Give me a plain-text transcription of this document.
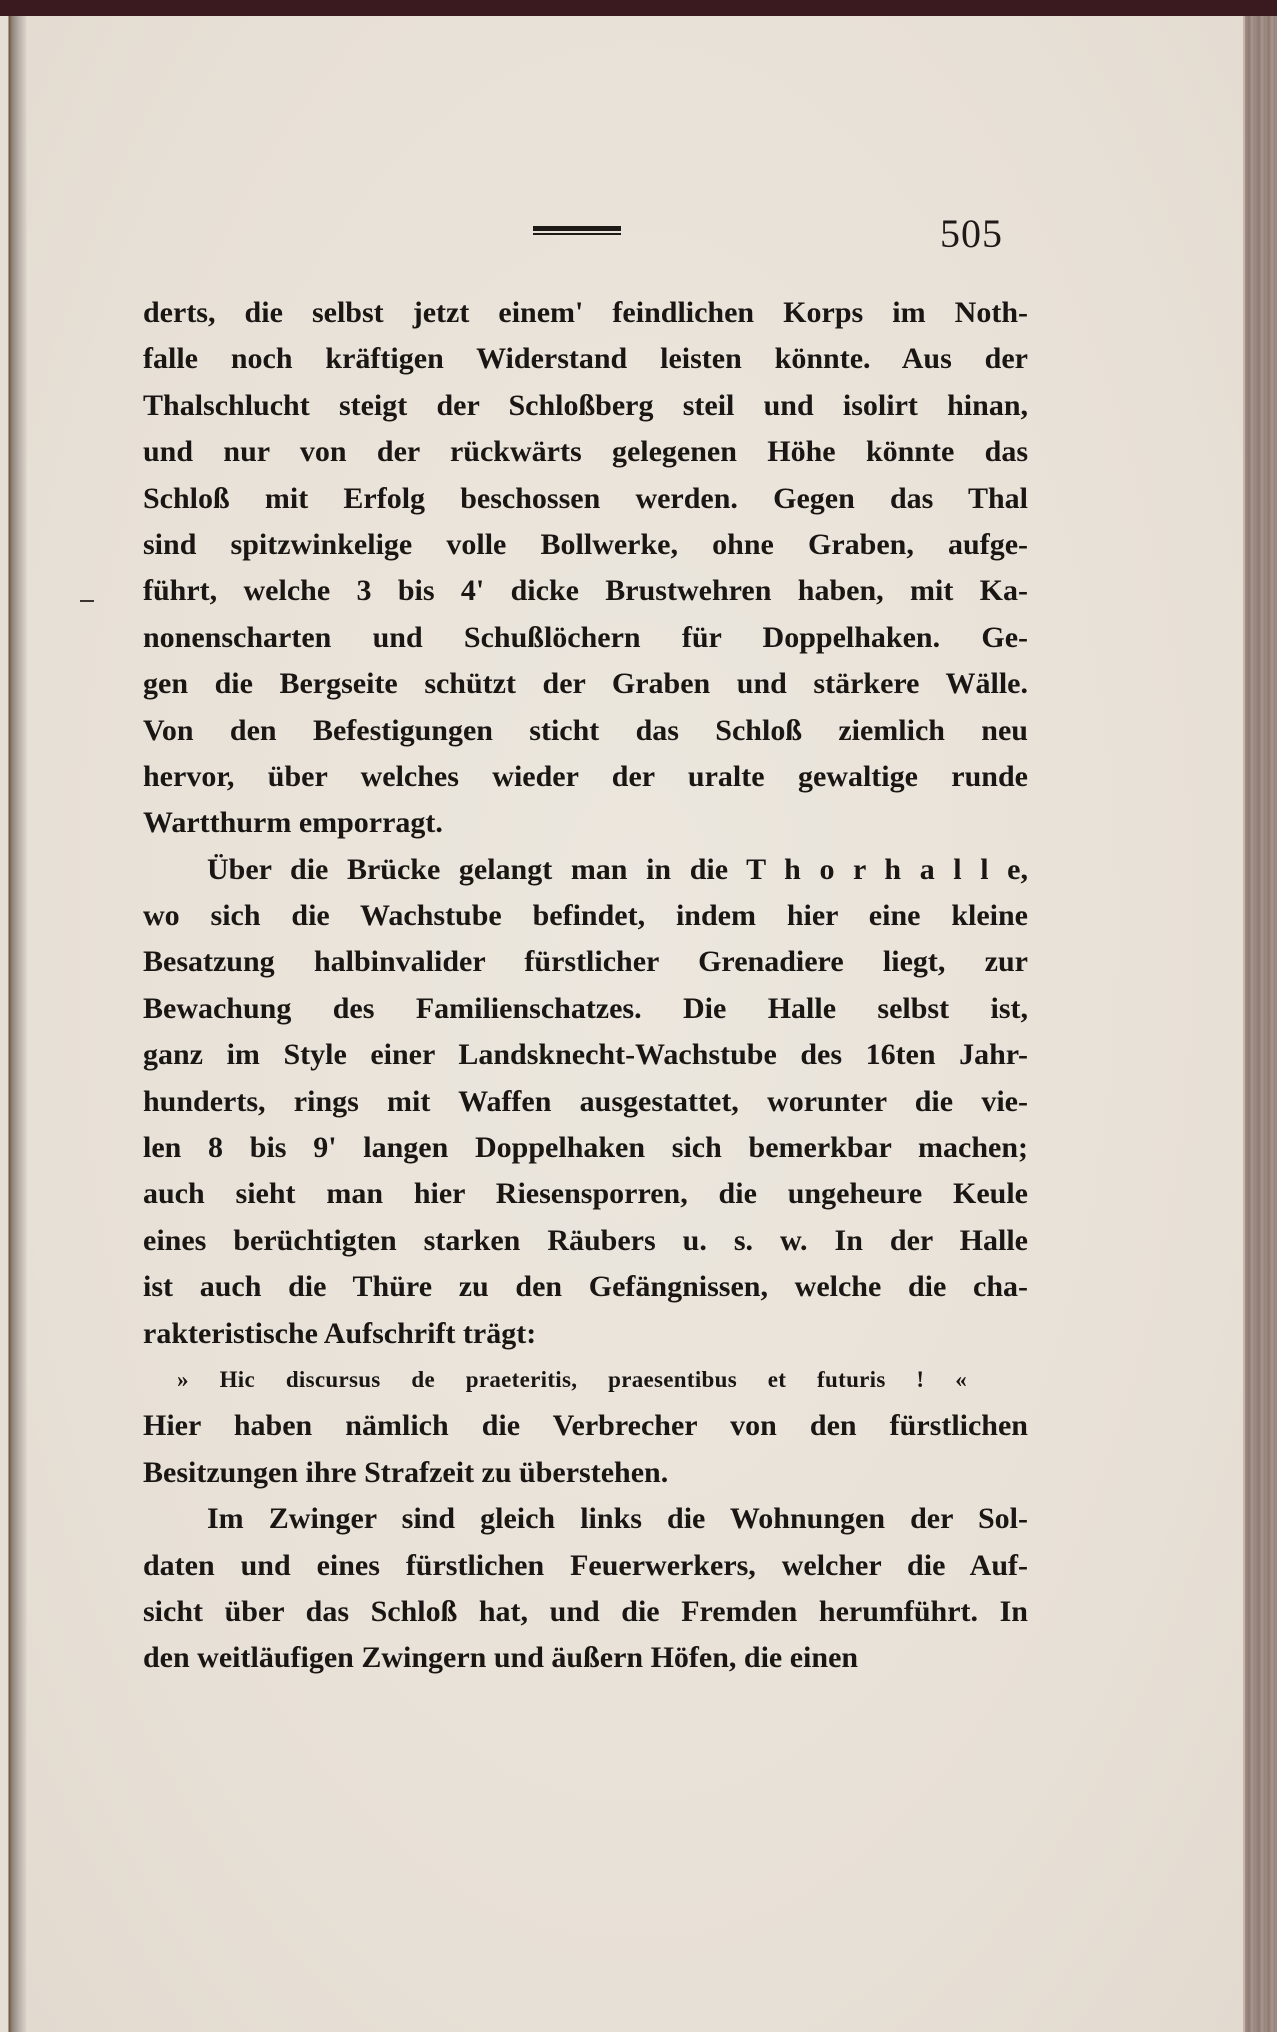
505
derts, die selbst jetzt einem' feindlichen Korps im Noth-
falle noch kräftigen Widerstand leisten könnte. Aus der
Thalschlucht steigt der Schloßberg steil und isolirt hinan,
und nur von der rückwärts gelegenen Höhe könnte das
Schloß mit Erfolg beschossen werden. Gegen das Thal
sind spitzwinkelige volle Bollwerke, ohne Graben, aufge-
führt, welche 3 bis 4' dicke Brustwehren haben, mit Ka-
nonenscharten und Schußlöchern für Doppelhaken. Ge-
gen die Bergseite schützt der Graben und stärkere Wälle.
Von den Befestigungen sticht das Schloß ziemlich neu
hervor, über welches wieder der uralte gewaltige runde
Wartthurm emporragt.
Über die Brücke gelangt man in die T h o r h a l l e,
wo sich die Wachstube befindet, indem hier eine kleine
Besatzung halbinvalider fürstlicher Grenadiere liegt, zur
Bewachung des Familienschatzes. Die Halle selbst ist,
ganz im Style einer Landsknecht-Wachstube des 16ten Jahr-
hunderts, rings mit Waffen ausgestattet, worunter die vie-
len 8 bis 9' langen Doppelhaken sich bemerkbar machen;
auch sieht man hier Riesensporren, die ungeheure Keule
eines berüchtigten starken Räubers u. s. w. In der Halle
ist auch die Thüre zu den Gefängnissen, welche die cha-
rakteristische Aufschrift trägt:
» Hic discursus de praeteritis, praesentibus et futuris ! «
Hier haben nämlich die Verbrecher von den fürstlichen
Besitzungen ihre Strafzeit zu überstehen.
Im Zwinger sind gleich links die Wohnungen der Sol-
daten und eines fürstlichen Feuerwerkers, welcher die Auf-
sicht über das Schloß hat, und die Fremden herumführt. In
den weitläufigen Zwingern und äußern Höfen, die einen
